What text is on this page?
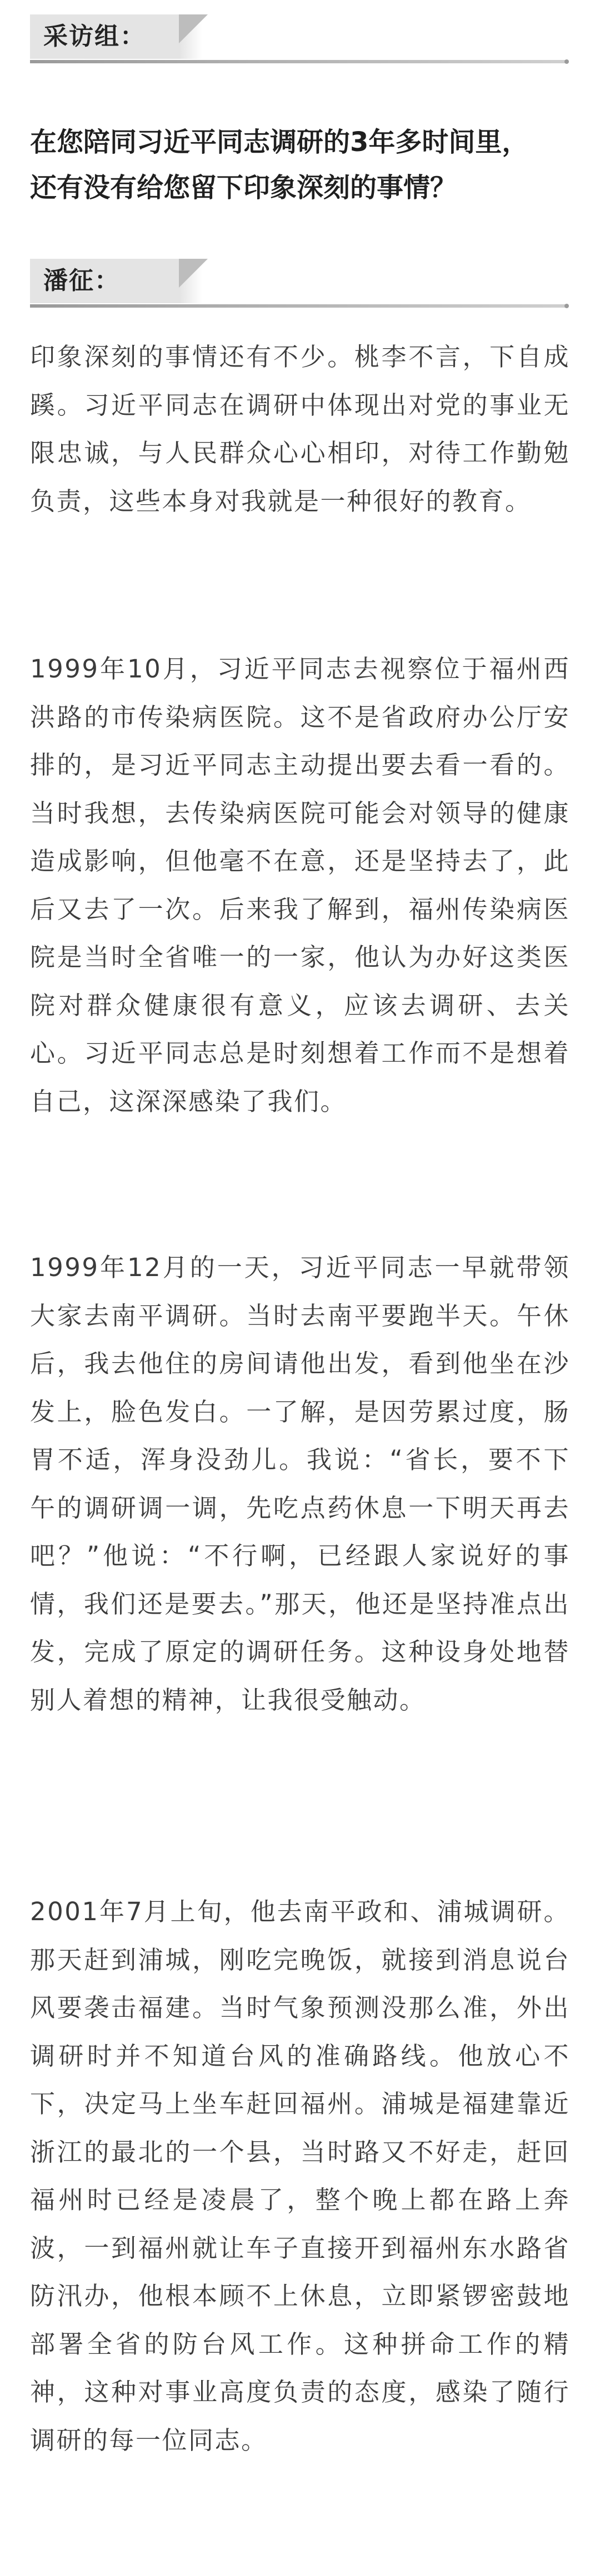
采访组：
在您陪同习近平同志调研的3年多时间里，
还有没有给您留下印象深刻的事情？
潘征：

印象深刻的事情还有不少。桃李不言，下自成蹊。习近平同志在调研中体现出对党的事业无限忠诚，与人民群众心心相印，对待工作勤勉负责，这些本身对我就是一种很好的教育。

1999年10月，习近平同志去视察位于福州西洪路的市传染病医院。这不是省政府办公厅安排的，是习近平同志主动提出要去看一看的。当时我想，去传染病医院可能会对领导的健康造成影响，但他毫不在意，还是坚持去了，此后又去了一次。后来我了解到，福州传染病医院是当时全省唯一的一家，他认为办好这类医院对群众健康很有意义，应该去调研、去关心。习近平同志总是时刻想着工作而不是想着自己，这深深感染了我们。

1999年12月的一天，习近平同志一早就带领大家去南平调研。当时去南平要跑半天。午休后，我去他住的房间请他出发，看到他坐在沙发上，脸色发白。一了解，是因劳累过度，肠胃不适，浑身没劲儿。我说：“省长，要不下午的调研调一调，先吃点药休息一下明天再去吧？”他说：“不行啊，已经跟人家说好的事情，我们还是要去。”那天，他还是坚持准点出发，完成了原定的调研任务。这种设身处地替别人着想的精神，让我很受触动。

2001年7月上旬，他去南平政和、浦城调研。那天赶到浦城，刚吃完晚饭，就接到消息说台风要袭击福建。当时气象预测没那么准，外出调研时并不知道台风的准确路线。他放心不下，决定马上坐车赶回福州。浦城是福建靠近浙江的最北的一个县，当时路又不好走，赶回福州时已经是凌晨了，整个晚上都在路上奔波，一到福州就让车子直接开到福州东水路省防汛办，他根本顾不上休息，立即紧锣密鼓地部署全省的防台风工作。这种拼命工作的精神，这种对事业高度负责的态度，感染了随行调研的每一位同志。
